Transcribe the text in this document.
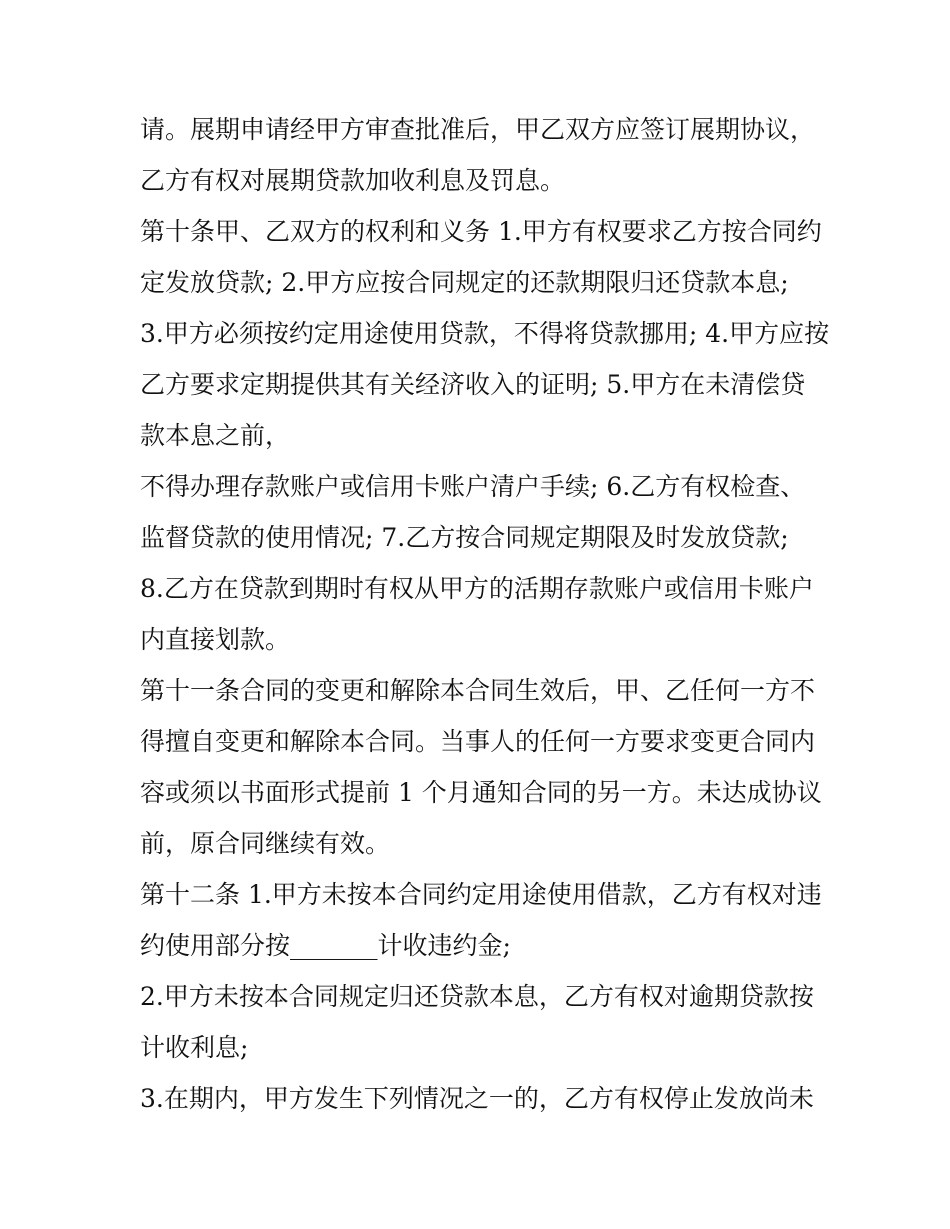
请。展期申请经甲方审查批准后，甲乙双方应签订展期协议，
乙方有权对展期贷款加收利息及罚息。
第十条甲、乙双方的权利和义务 1.甲方有权要求乙方按合同约
定发放贷款; 2.甲方应按合同规定的还款期限归还贷款本息;
3.甲方必须按约定用途使用贷款，不得将贷款挪用; 4.甲方应按
乙方要求定期提供其有关经济收入的证明; 5.甲方在未清偿贷
款本息之前，
不得办理存款账户或信用卡账户清户手续; 6.乙方有权检查、
监督贷款的使用情况; 7.乙方按合同规定期限及时发放贷款;
8.乙方在贷款到期时有权从甲方的活期存款账户或信用卡账户
内直接划款。
第十一条合同的变更和解除本合同生效后，甲、乙任何一方不
得擅自变更和解除本合同。当事人的任何一方要求变更合同内
容或须以书面形式提前 1 个月通知合同的另一方。未达成协议
前，原合同继续有效。
第十二条 1.甲方未按本合同约定用途使用借款，乙方有权对违
约使用部分按_______计收违约金;
2.甲方未按本合同规定归还贷款本息，乙方有权对逾期贷款按
计收利息;
3.在期内，甲方发生下列情况之一的，乙方有权停止发放尚未
